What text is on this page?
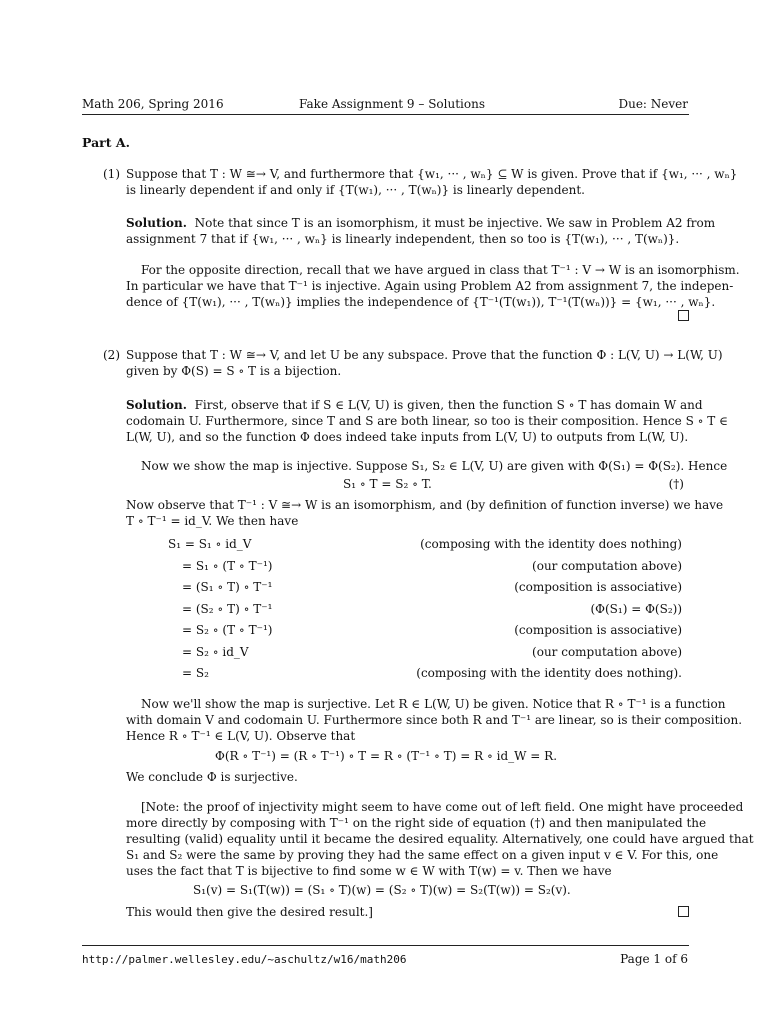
Math 206, Spring 2016	Fake Assignment 9 – Solutions	Due: Never
Part A.
(1) Suppose that T : W ≅→ V, and furthermore that {w₁, ··· , wₙ} ⊆ W is given. Prove that if {w₁, ··· , wₙ}
is linearly dependent if and only if {T(w₁), ··· , T(wₙ)} is linearly dependent.
Solution. Note that since T is an isomorphism, it must be injective. We saw in Problem A2 from
assignment 7 that if {w₁, ··· , wₙ} is linearly independent, then so too is {T(w₁), ··· , T(wₙ)}.
For the opposite direction, recall that we have argued in class that T⁻¹ : V → W is an isomorphism.
In particular we have that T⁻¹ is injective. Again using Problem A2 from assignment 7, the indepen-
dence of {T(w₁), ··· , T(wₙ)} implies the independence of {T⁻¹(T(w₁)), T⁻¹(T(wₙ))} = {w₁, ··· , wₙ}.
(2) Suppose that T : W ≅→ V, and let U be any subspace. Prove that the function Φ : L(V, U) → L(W, U)
given by Φ(S) = S ∘ T is a bijection.
Solution. First, observe that if S ∈ L(V, U) is given, then the function S ∘ T has domain W and
codomain U. Furthermore, since T and S are both linear, so too is their composition. Hence S ∘ T ∈
L(W, U), and so the function Φ does indeed take inputs from L(V, U) to outputs from L(W, U).
Now we show the map is injective. Suppose S₁, S₂ ∈ L(V, U) are given with Φ(S₁) = Φ(S₂). Hence
S₁ ∘ T = S₂ ∘ T.	(†)
Now observe that T⁻¹ : V ≅→ W is an isomorphism, and (by definition of function inverse) we have
T ∘ T⁻¹ = id_V. We then have
S₁ = S₁ ∘ id_V	(composing with the identity does nothing)
= S₁ ∘ (T ∘ T⁻¹)	(our computation above)
= (S₁ ∘ T) ∘ T⁻¹	(composition is associative)
= (S₂ ∘ T) ∘ T⁻¹	(Φ(S₁) = Φ(S₂))
= S₂ ∘ (T ∘ T⁻¹)	(composition is associative)
= S₂ ∘ id_V	(our computation above)
= S₂	(composing with the identity does nothing).
Now we'll show the map is surjective. Let R ∈ L(W, U) be given. Notice that R ∘ T⁻¹ is a function
with domain V and codomain U. Furthermore since both R and T⁻¹ are linear, so is their composition.
Hence R ∘ T⁻¹ ∈ L(V, U). Observe that
Φ(R ∘ T⁻¹) = (R ∘ T⁻¹) ∘ T = R ∘ (T⁻¹ ∘ T) = R ∘ id_W = R.
We conclude Φ is surjective.
[Note: the proof of injectivity might seem to have come out of left field. One might have proceeded
more directly by composing with T⁻¹ on the right side of equation (†) and then manipulated the
resulting (valid) equality until it became the desired equality. Alternatively, one could have argued that
S₁ and S₂ were the same by proving they had the same effect on a given input v ∈ V. For this, one
uses the fact that T is bijective to find some w ∈ W with T(w) = v. Then we have
S₁(v) = S₁(T(w)) = (S₁ ∘ T)(w) = (S₂ ∘ T)(w) = S₂(T(w)) = S₂(v).
This would then give the desired result.]
http://palmer.wellesley.edu/~aschultz/w16/math206	Page 1 of 6
